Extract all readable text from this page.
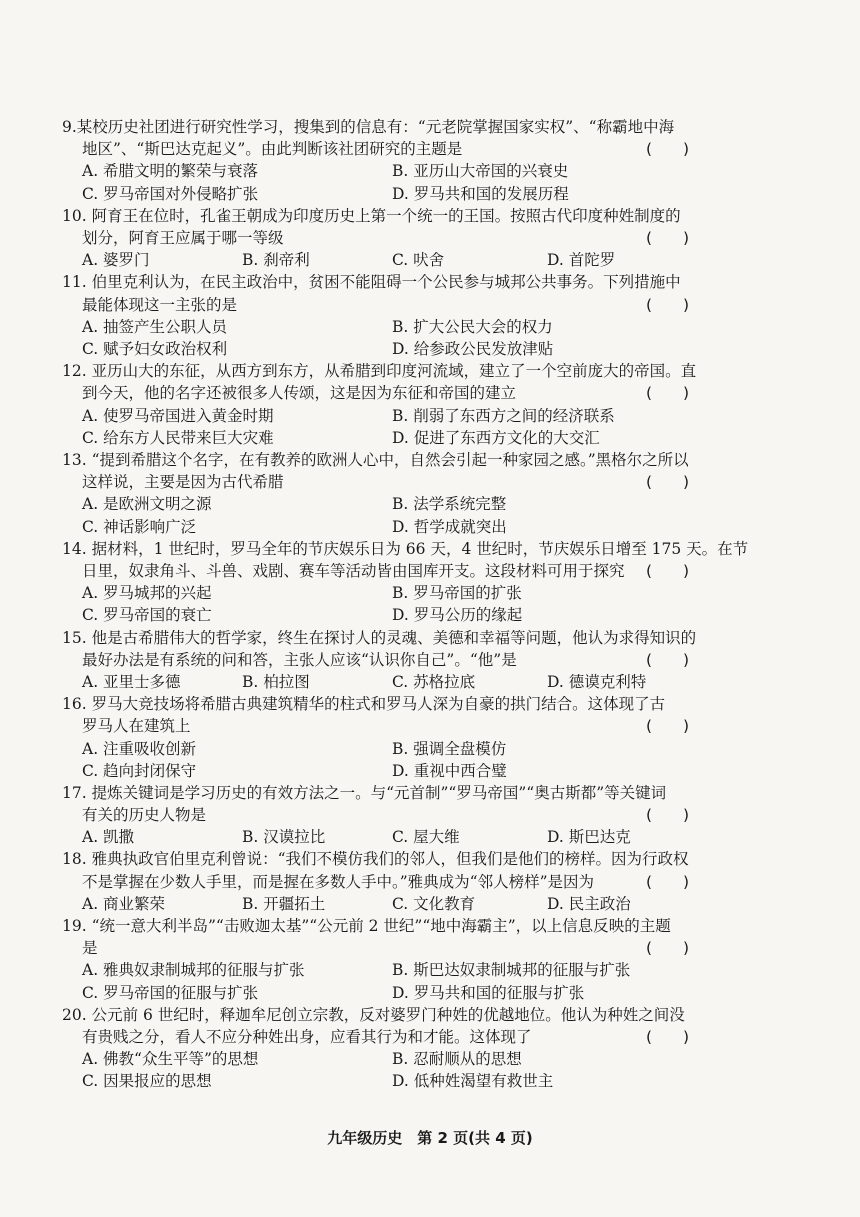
9.某校历史社团进行研究性学习，搜集到的信息有：“元老院掌握国家实权”、“称霸地中海
地区”、“斯巴达克起义”。由此判断该社团研究的主题是	(　　)
A. 希腊文明的繁荣与衰落	B. 亚历山大帝国的兴衰史
C. 罗马帝国对外侵略扩张	D. 罗马共和国的发展历程
10. 阿育王在位时，孔雀王朝成为印度历史上第一个统一的王国。按照古代印度种姓制度的
划分，阿育王应属于哪一等级	(　　)
A. 婆罗门	B. 刹帝利	C. 吠舍	D. 首陀罗
11. 伯里克利认为，在民主政治中，贫困不能阻碍一个公民参与城邦公共事务。下列措施中
最能体现这一主张的是	(　　)
A. 抽签产生公职人员	B. 扩大公民大会的权力
C. 赋予妇女政治权利	D. 给参政公民发放津贴
12. 亚历山大的东征，从西方到东方，从希腊到印度河流域，建立了一个空前庞大的帝国。直
到今天，他的名字还被很多人传颂，这是因为东征和帝国的建立	(　　)
A. 使罗马帝国进入黄金时期	B. 削弱了东西方之间的经济联系
C. 给东方人民带来巨大灾难	D. 促进了东西方文化的大交汇
13. “提到希腊这个名字，在有教养的欧洲人心中，自然会引起一种家园之感。”黑格尔之所以
这样说，主要是因为古代希腊	(　　)
A. 是欧洲文明之源	B. 法学系统完整
C. 神话影响广泛	D. 哲学成就突出
14. 据材料，1 世纪时，罗马全年的节庆娱乐日为 66 天，4 世纪时，节庆娱乐日增至 175 天。在节
日里，奴隶角斗、斗兽、戏剧、赛车等活动皆由国库开支。这段材料可用于探究 (　　)
A. 罗马城邦的兴起	B. 罗马帝国的扩张
C. 罗马帝国的衰亡	D. 罗马公历的缘起
15. 他是古希腊伟大的哲学家，终生在探讨人的灵魂、美德和幸福等问题，他认为求得知识的
最好办法是有系统的问和答，主张人应该“认识你自己”。“他”是	(　　)
A. 亚里士多德	B. 柏拉图	C. 苏格拉底	D. 德谟克利特
16. 罗马大竞技场将希腊古典建筑精华的柱式和罗马人深为自豪的拱门结合。这体现了古
罗马人在建筑上	(　　)
A. 注重吸收创新	B. 强调全盘模仿
C. 趋向封闭保守	D. 重视中西合璧
17. 提炼关键词是学习历史的有效方法之一。与“元首制”“罗马帝国”“奥古斯都”等关键词
有关的历史人物是	(　　)
A. 凯撒	B. 汉谟拉比	C. 屋大维	D. 斯巴达克
18. 雅典执政官伯里克利曾说：“我们不模仿我们的邻人，但我们是他们的榜样。因为行政权
不是掌握在少数人手里，而是握在多数人手中。”雅典成为“邻人榜样”是因为	(　　)
A. 商业繁荣	B. 开疆拓土	C. 文化教育	D. 民主政治
19. “统一意大利半岛”“击败迦太基”“公元前 2 世纪”“地中海霸主”，以上信息反映的主题
是	(　　)
A. 雅典奴隶制城邦的征服与扩张	B. 斯巴达奴隶制城邦的征服与扩张
C. 罗马帝国的征服与扩张	D. 罗马共和国的征服与扩张
20. 公元前 6 世纪时，释迦牟尼创立宗教，反对婆罗门种姓的优越地位。他认为种姓之间没
有贵贱之分，看人不应分种姓出身，应看其行为和才能。这体现了	(　　)
A. 佛教“众生平等”的思想	B. 忍耐顺从的思想
C. 因果报应的思想	D. 低种姓渴望有救世主
九年级历史　第 2 页(共 4 页)
